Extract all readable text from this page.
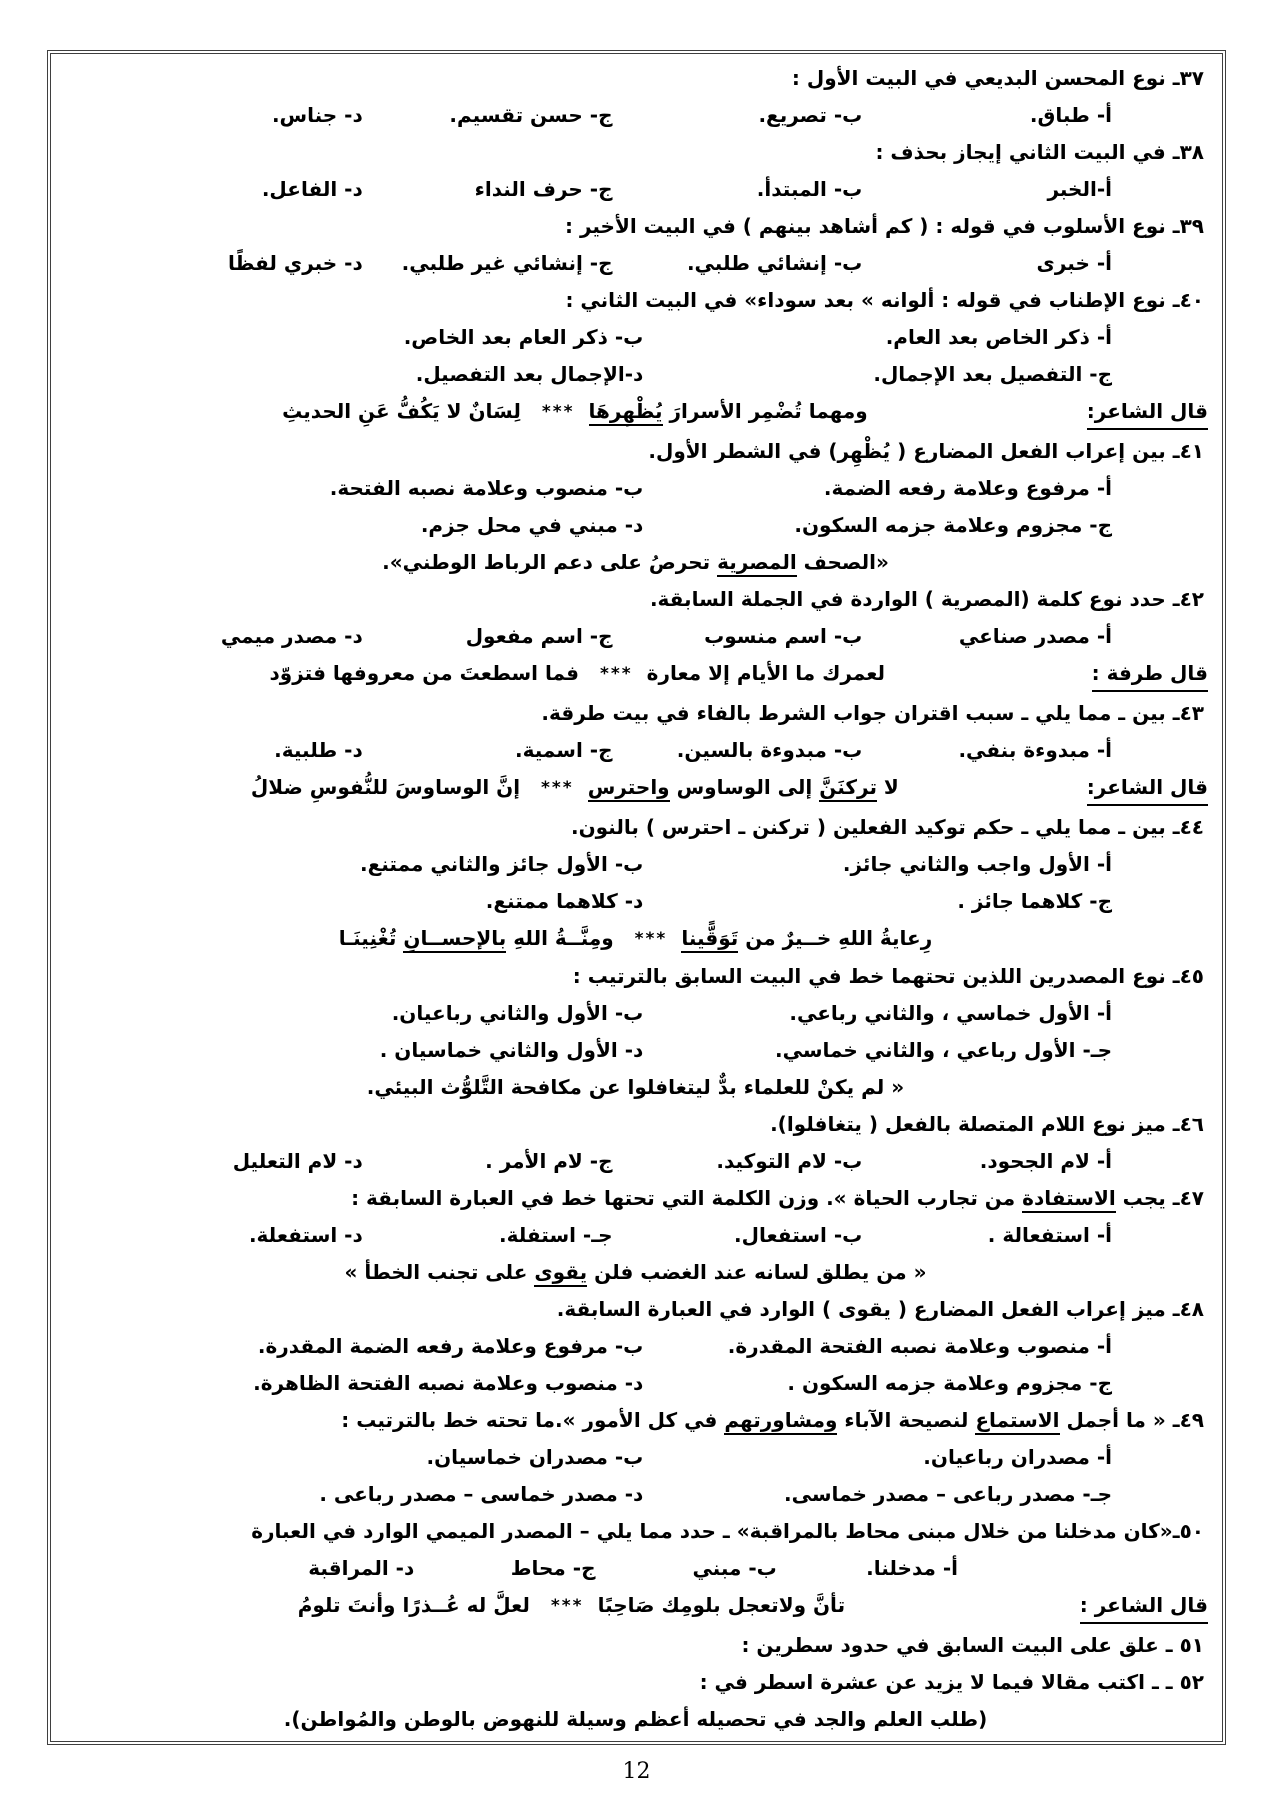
٣٧ـ نوع المحسن البديعي في البيت الأول :
أ- طباق.
ب- تصريع.
ج- حسن تقسيم.
د- جناس.
٣٨ـ في البيت الثاني إيجاز بحذف :
أ-الخبر
ب- المبتدأ.
ج- حرف النداء
د- الفاعل.
٣٩ـ نوع الأسلوب في قوله : ( كم أشاهد بينهم ) في البيت الأخير :
أ- خبرى
ب- إنشائي طلبي.
ج- إنشائي غير طلبي.
د- خبري لفظًا
٤٠ـ نوع الإطناب في قوله : ألوانه » بعد سوداء» في البيت الثاني :
أ- ذكر الخاص بعد العام.
ب- ذكر العام بعد الخاص.
ج- التفصيل بعد الإجمال.
د-الإجمال بعد التفصيل.
قال الشاعر:
ومهما تُضْمِر الأسرارَ يُظْهِرهَا*** لِسَانٌ لا يَكُفُّ عَنِ الحديثِ
٤١ـ بين إعراب الفعل المضارع ( يُظْهِر) في الشطر الأول.
أ- مرفوع وعلامة رفعه الضمة.
ب- منصوب وعلامة نصبه الفتحة.
ج- مجزوم وعلامة جزمه السكون.
د- مبني في محل جزم.
«الصحف المصرية تحرصُ على دعم الرباط الوطني».
٤٢ـ حدد نوع كلمة (المصرية ) الواردة في الجملة السابقة.
أ- مصدر صناعي
ب- اسم منسوب
ج- اسم مفعول
د- مصدر ميمي
قال طرفة :
لعمرك ما الأيام إلا معارة*** فما اسطعتَ من معروفها فتزوّد
٤٣ـ بين ـ مما يلي ـ سبب اقتران جواب الشرط بالفاء في بيت طرقة.
أ- مبدوءة بنفي.
ب- مبدوءة بالسين.
ج- اسمية.
د- طلبية.
قال الشاعر:
لا تركنَنَّ إلى الوساوس واحترس*** إنَّ الوساوسَ للنُّفوسِ ضلالُ
٤٤ـ بين ـ مما يلي ـ حكم توكيد الفعلين ( تركنن ـ احترس ) بالنون.
أ- الأول واجب والثاني جائز.
ب- الأول جائز والثاني ممتنع.
ج- كلاهما جائز .
د- كلاهما ممتنع.
رِعايةُ اللهِ خــيرٌ من تَوَقًّينا*** ومِنَّــةُ اللهِ بالإحســانِ تُغْنِينَـا
٤٥ـ نوع المصدرين اللذين تحتهما خط في البيت السابق بالترتيب :
أ- الأول خماسي ، والثاني رباعي.
ب- الأول والثاني رباعيان.
جـ- الأول رباعي ، والثاني خماسي.
د- الأول والثاني خماسيان .
« لم يكنْ للعلماء بدٌّ ليتغافلوا عن مكافحة التَّلوُّث البيئي.
٤٦ـ ميز نوع اللام المتصلة بالفعل ( يتغافلوا).
أ- لام الجحود.
ب- لام التوكيد.
ج- لام الأمر .
د- لام التعليل
٤٧ـ يجب الاستفادة من تجارب الحياة ». وزن الكلمة التي تحتها خط في العبارة السابقة :
أ- استفعالة .
ب- استفعال.
جـ- استفلة.
د- استفعلة.
« من يطلق لسانه عند الغضب فلن يقوى على تجنب الخطأ »
٤٨ـ ميز إعراب الفعل المضارع ( يقوى ) الوارد في العبارة السابقة.
أ- منصوب وعلامة نصبه الفتحة المقدرة.
ب- مرفوع وعلامة رفعه الضمة المقدرة.
ج- مجزوم وعلامة جزمه السكون .
د- منصوب وعلامة نصبه الفتحة الظاهرة.
٤٩ـ « ما أجمل الاستماع لنصيحة الآباء ومشاورتهم في كل الأمور ».ما تحته خط بالترتيب :
أ- مصدران رباعيان.
ب- مصدران خماسيان.
جـ- مصدر رباعى – مصدر خماسى.
د- مصدر خماسى – مصدر رباعى .
٥٠ـ«كان مدخلنا من خلال مبنى محاط بالمراقبة» ـ حدد مما يلي – المصدر الميمي الوارد في العبارة
أ- مدخلنا.
ب- مبني
ج- محاط
د- المراقبة
قال الشاعر :
تأنَّ ولاتعجل بلومِك صَاحِبًا*** لعلَّ له عُــذرًا وأنتَ تلومُ
٥١ ـ علق على البيت السابق في حدود سطرين :
٥٢ ـ ـ اكتب مقالا فيما لا يزيد عن عشرة اسطر في :
(طلب العلم والجد في تحصيله أعظم وسيلة للنهوض بالوطن والمُواطن).
12
